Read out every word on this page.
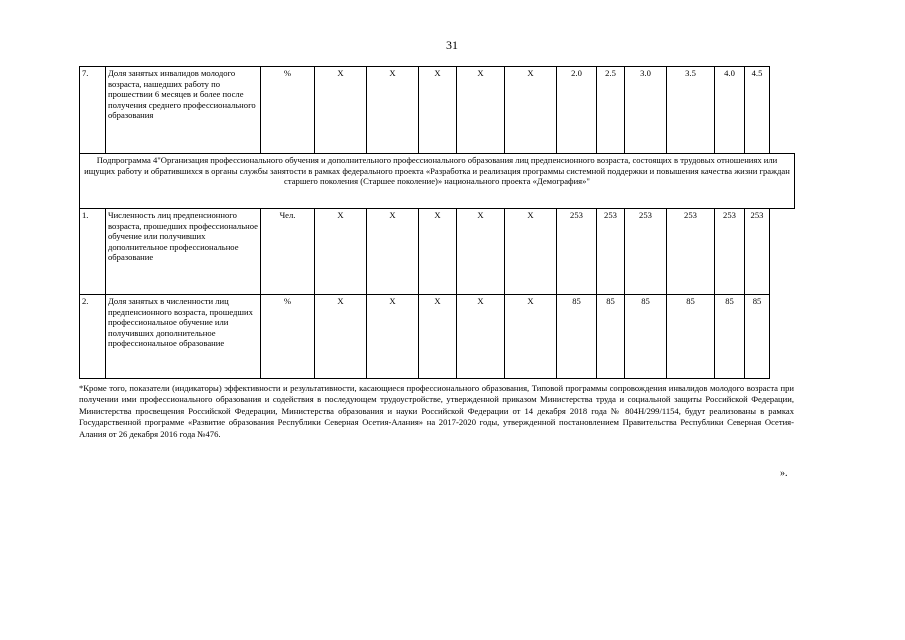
31
7.	Доля занятых инвалидов молодого возраста, нашедших работу по прошествии 6 месяцев и более после получения среднего профессионального образования	%	X	X	X	X	X	2.0	2.5	3.0	3.5	4.0	4.5
Подпрограмма 4"Организация профессионального обучения и дополнительного профессионального образования лиц предпенсионного возраста, состоящих в трудовых отношениях или ищущих работу и обратившихся в органы службы занятости в рамках федерального проекта «Разработка и реализация программы системной поддержки и повышения качества жизни граждан старшего поколения (Старшее поколение)» национального проекта «Демография»"													
1.	Численность лиц предпенсионного возраста, прошедших профессиональное обучение или получивших дополнительное профессиональное образование	Чел.	X	X	X	X	X	253	253	253	253	253	253
2.	Доля занятых в численности лиц предпенсионного возраста, прошедших профессиональное обучение или получивших дополнительное профессиональное образование	%	X	X	X	X	X	85	85	85	85	85	85
*Кроме того, показатели (индикаторы) эффективности и результативности, касающиеся профессионального образования, Типовой программы сопровождения инвалидов молодого возраста при получении ими профессионального образования и содействия в последующем трудоустройстве, утвержденной приказом Министерства труда и социальной защиты Российской Федерации, Министерства просвещения Российской Федерации, Министерства образования и науки Российской Федерации от 14 декабря 2018 года № 804Н/299/1154, будут реализованы в рамках Государственной программе «Развитие образования Республики Северная Осетия-Алания» на 2017-2020 годы, утвержденной постановлением Правительства Республики Северная Осетия-Алания от 26 декабря 2016 года №476.
».
